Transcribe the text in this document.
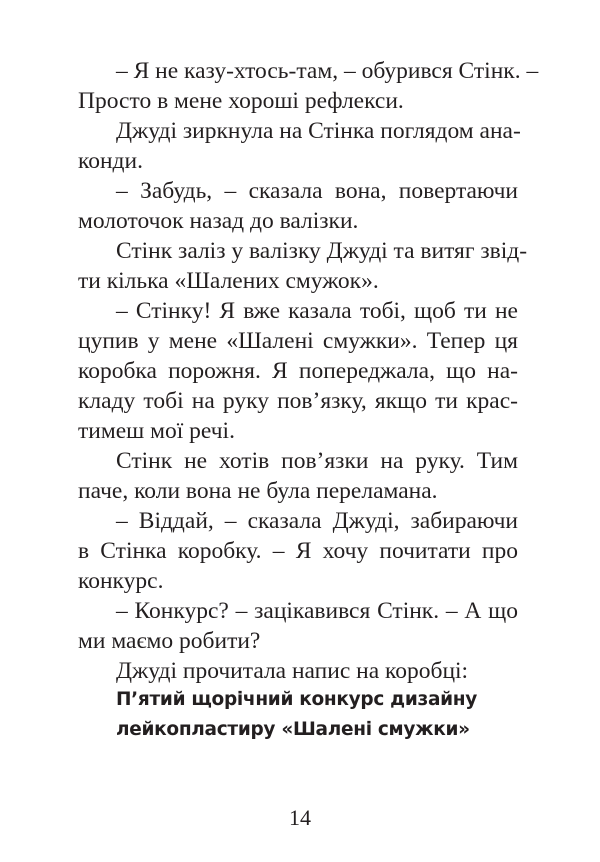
– Я не казу-хтось-там, – обурився Стінк. –
Просто в мене хороші рефлекси.
Джуді зиркнула на Стінка поглядом ана-
конди.
– Забудь, – сказала вона, повертаючи
молоточок назад до валізки.
Стінк заліз у валізку Джуді та витяг звід-
ти кілька «Шалених смужок».
– Стінку! Я вже казала тобі, щоб ти не
цупив у мене «Шалені смужки». Тепер ця
коробка порожня. Я попереджала, що на-
кладу тобі на руку пов’язку, якщо ти крас-
тимеш мої речі.
Стінк не хотів пов’язки на руку. Тим
паче, коли вона не була переламана.
– Віддай, – сказала Джуді, забираючи
в Стінка коробку. – Я хочу почитати про
конкурс.
– Конкурс? – зацікавився Стінк. – А що
ми маємо робити?
Джуді прочитала напис на коробці:
П’ятий щорічний конкурс дизайну
лейкопластиру «Шалені смужки»
14
